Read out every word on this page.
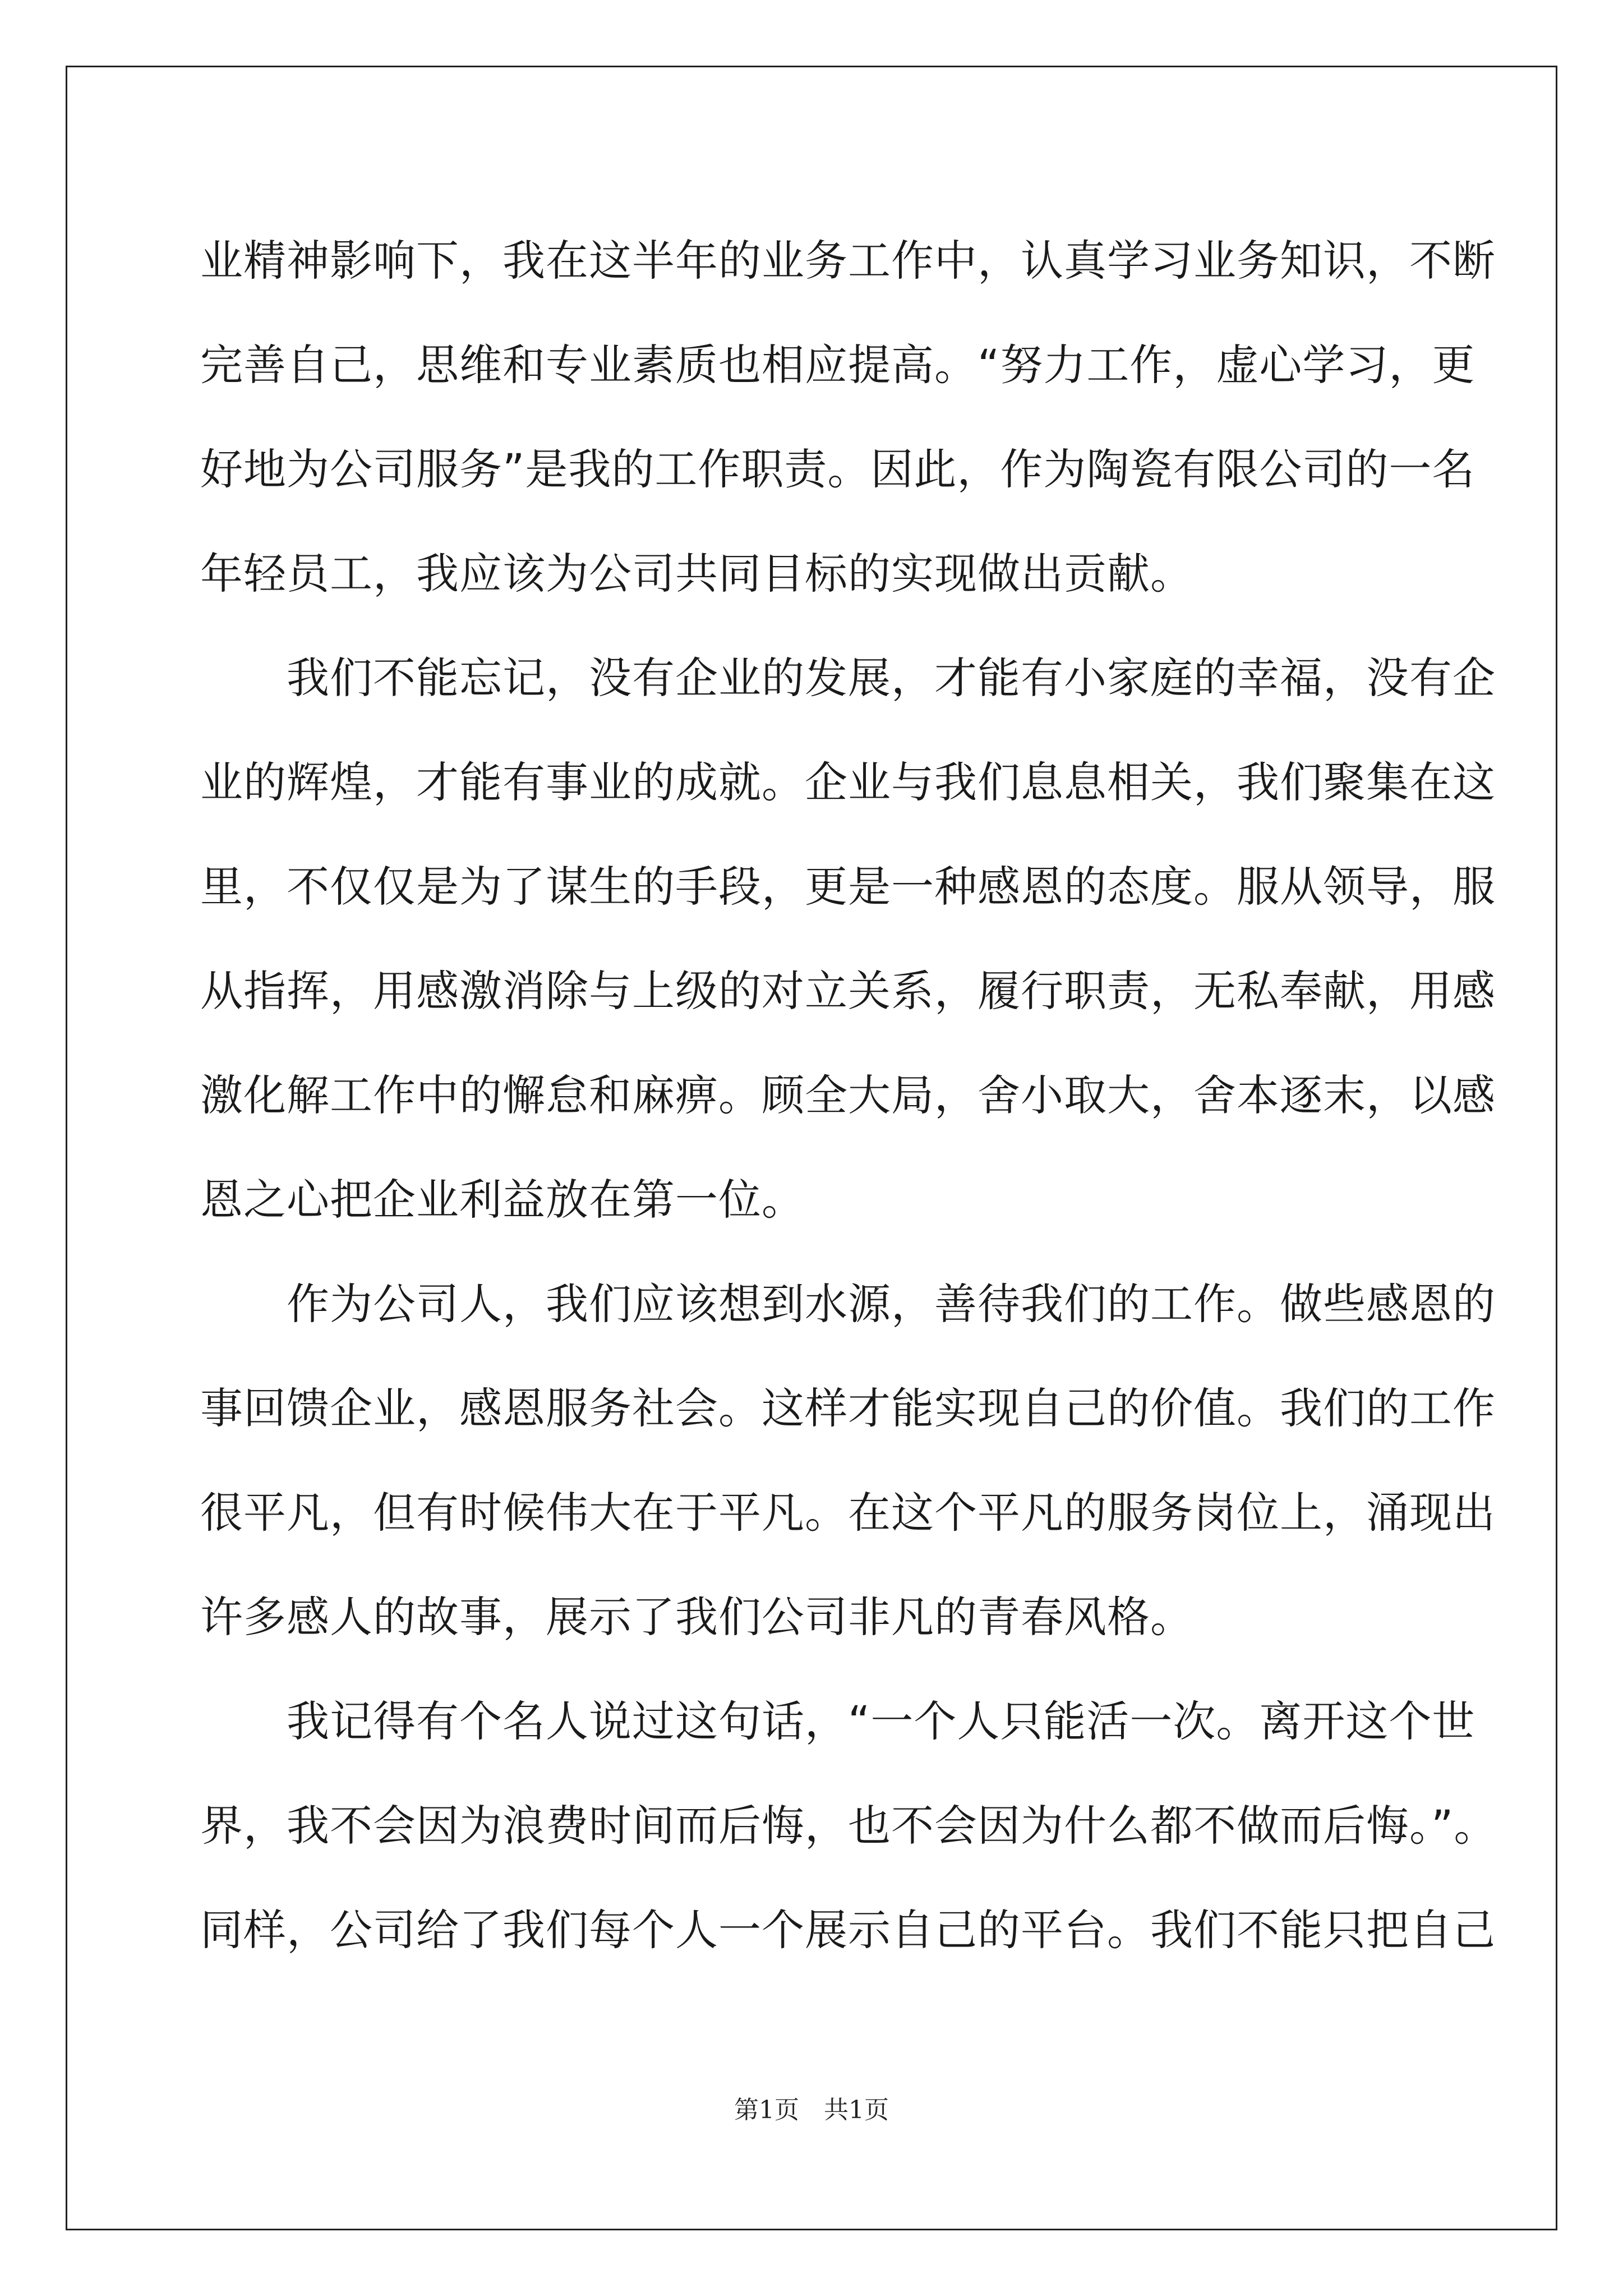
业精神影响下，我在这半年的业务工作中，认真学习业务知识，不断
完善自己，思维和专业素质也相应提高。“努力工作，虚心学习，更
好地为公司服务”是我的工作职责。因此，作为陶瓷有限公司的一名
年轻员工，我应该为公司共同目标的实现做出贡献。
　　我们不能忘记，没有企业的发展，才能有小家庭的幸福，没有企
业的辉煌，才能有事业的成就。企业与我们息息相关，我们聚集在这
里，不仅仅是为了谋生的手段，更是一种感恩的态度。服从领导，服
从指挥，用感激消除与上级的对立关系，履行职责，无私奉献，用感
激化解工作中的懈怠和麻痹。顾全大局，舍小取大，舍本逐末，以感
恩之心把企业利益放在第一位。
　　作为公司人，我们应该想到水源，善待我们的工作。做些感恩的
事回馈企业，感恩服务社会。这样才能实现自己的价值。我们的工作
很平凡，但有时候伟大在于平凡。在这个平凡的服务岗位上，涌现出
许多感人的故事，展示了我们公司非凡的青春风格。
　　我记得有个名人说过这句话，“一个人只能活一次。离开这个世
界，我不会因为浪费时间而后悔，也不会因为什么都不做而后悔。”。
同样，公司给了我们每个人一个展示自己的平台。我们不能只把自己
第1页　共1页
